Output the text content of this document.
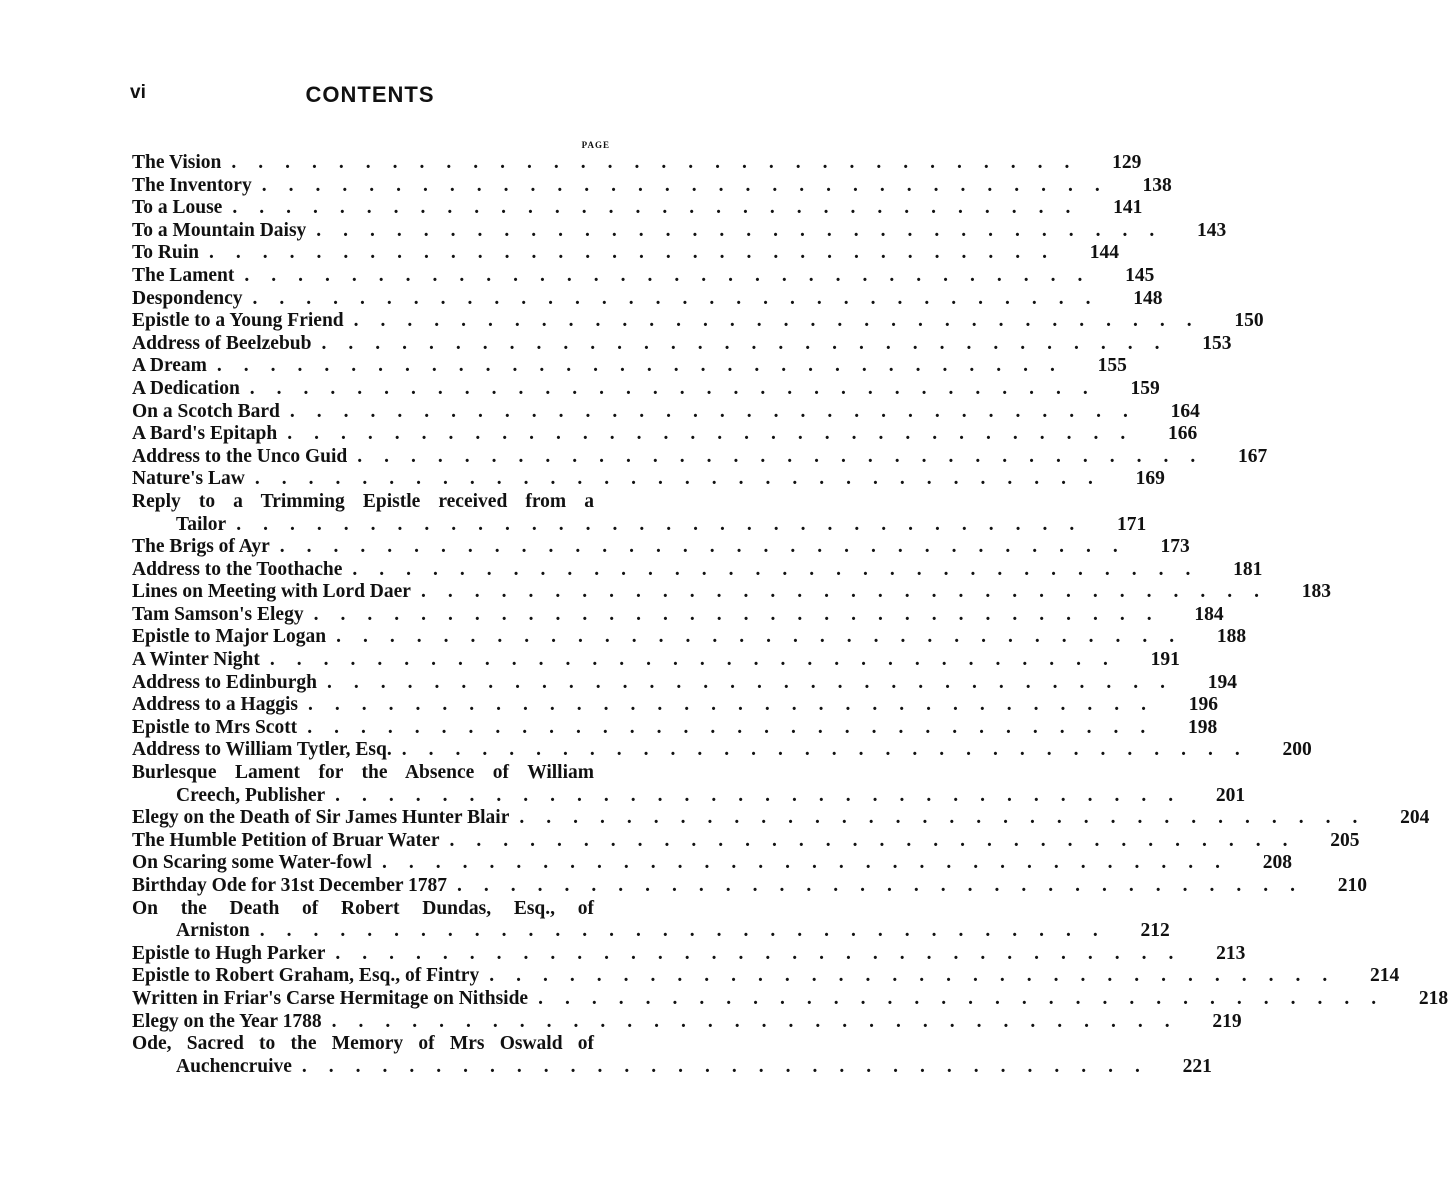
vi	CONTENTS
PAGE
The Vision ................................	129
The Inventory ................................	138
To a Louse ................................	141
To a Mountain Daisy ................................	143
To Ruin ................................	144
The Lament ................................	145
Despondency ................................	148
Epistle to a Young Friend ................................	150
Address of Beelzebub ................................	153
A Dream ................................	155
A Dedication ................................	159
On a Scotch Bard ................................	164
A Bard's Epitaph ................................	166
Address to the Unco Guid ................................	167
Nature's Law ................................	169
Reply to a Trimming Epistle received from a
Tailor ................................	171
The Brigs of Ayr ................................	173
Address to the Toothache ................................	181
Lines on Meeting with Lord Daer ................................	183
Tam Samson's Elegy ................................	184
Epistle to Major Logan ................................	188
A Winter Night ................................	191
Address to Edinburgh ................................	194
Address to a Haggis ................................	196
Epistle to Mrs Scott ................................	198
Address to William Tytler, Esq. ................................	200
Burlesque Lament for the Absence of William
Creech, Publisher ................................	201
Elegy on the Death of Sir James Hunter Blair ................................	204
The Humble Petition of Bruar Water ................................	205
On Scaring some Water-fowl ................................	208
Birthday Ode for 31st December 1787 ................................	210
On the Death of Robert Dundas, Esq., of
Arniston ................................	212
Epistle to Hugh Parker ................................	213
Epistle to Robert Graham, Esq., of Fintry ................................	214
Written in Friar's Carse Hermitage on Nithside ................................	218
Elegy on the Year 1788 ................................	219
Ode, Sacred to the Memory of Mrs Oswald of
Auchencruive ................................	221
